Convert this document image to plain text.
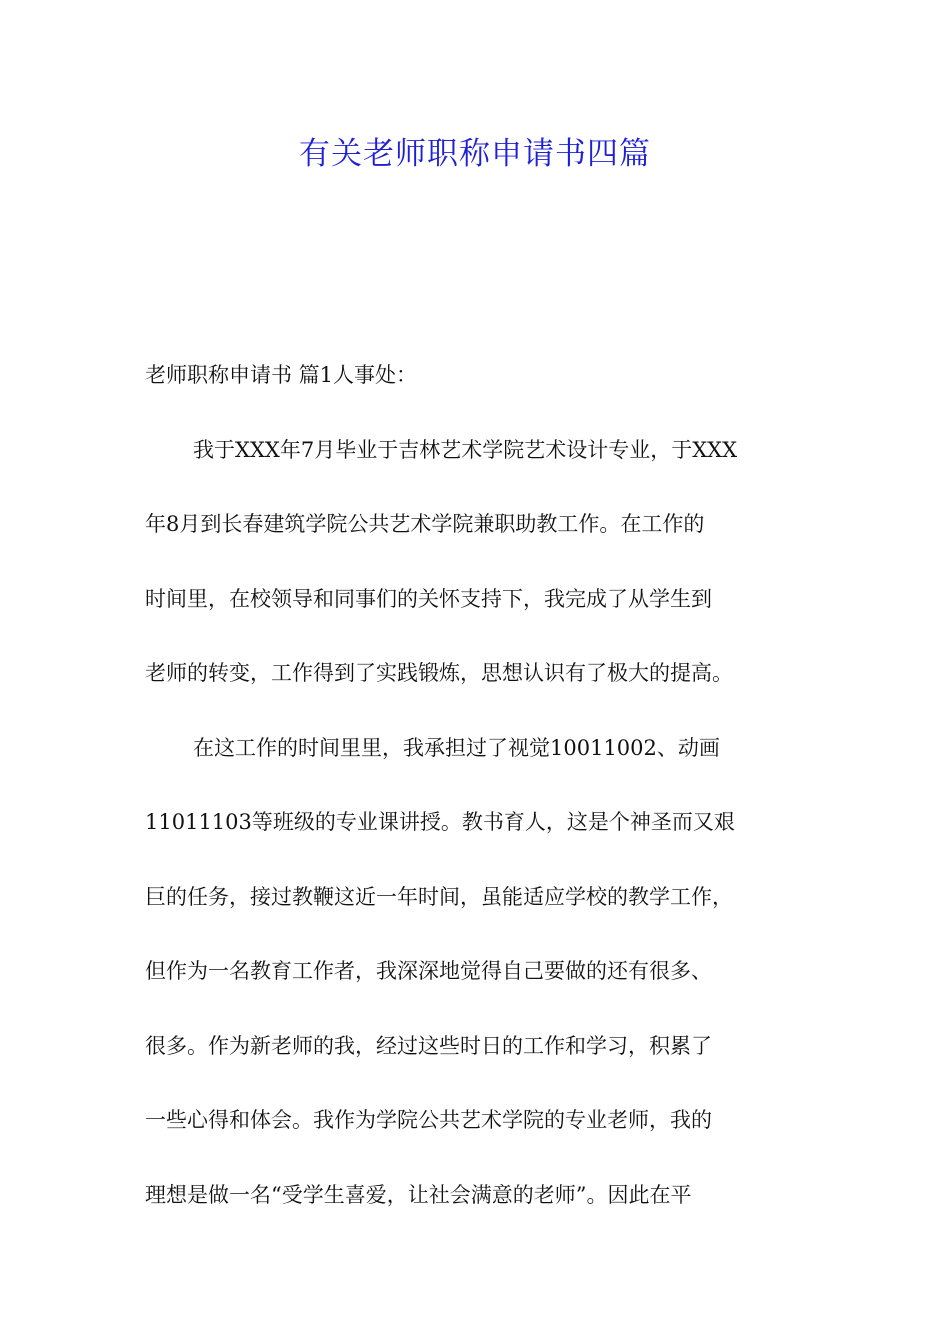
有关老师职称申请书四篇
老师职称申请书 篇1人事处：
我于XXX年7月毕业于吉林艺术学院艺术设计专业，于XXX
年8月到长春建筑学院公共艺术学院兼职助教工作。在工作的
时间里，在校领导和同事们的关怀支持下，我完成了从学生到
老师的转变，工作得到了实践锻炼，思想认识有了极大的提高。
在这工作的时间里里，我承担过了视觉10011002、动画
11011103等班级的专业课讲授。教书育人，这是个神圣而又艰
巨的任务，接过教鞭这近一年时间，虽能适应学校的教学工作，
但作为一名教育工作者，我深深地觉得自己要做的还有很多、
很多。作为新老师的我，经过这些时日的工作和学习，积累了
一些心得和体会。我作为学院公共艺术学院的专业老师，我的
理想是做一名“受学生喜爱，让社会满意的老师”。因此在平
